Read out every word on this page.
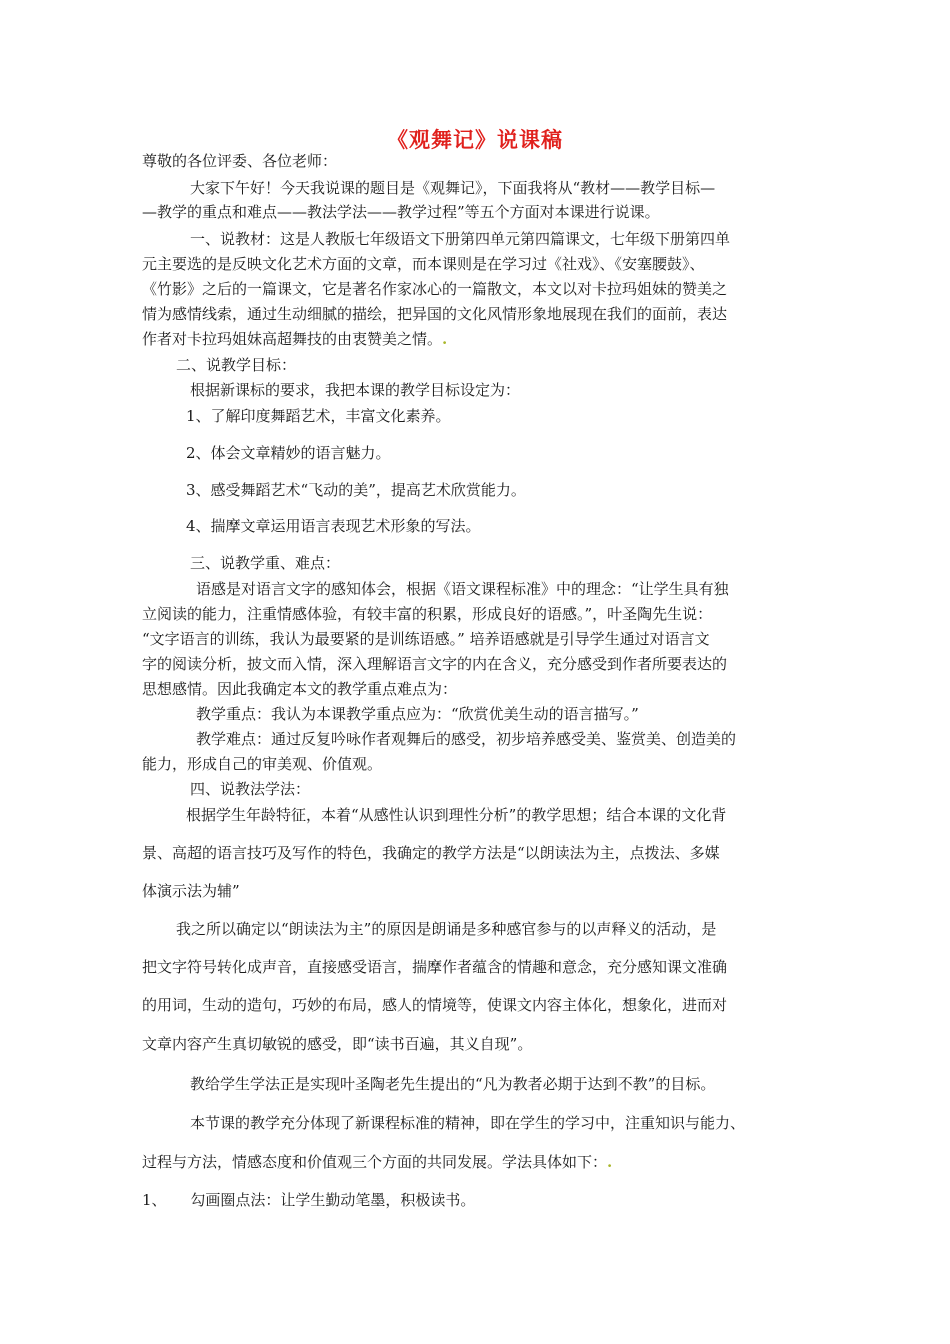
《观舞记》说课稿
尊敬的各位评委、各位老师：
大家下午好！今天我说课的题目是《观舞记》，下面我将从“教材——教学目标—
—教学的重点和难点——教法学法——教学过程”等五个方面对本课进行说课。
一、说教材：这是人教版七年级语文下册第四单元第四篇课文，七年级下册第四单
元主要选的是反映文化艺术方面的文章，而本课则是在学习过《社戏》、《安塞腰鼓》、
《竹影》之后的一篇课文，它是著名作家冰心的一篇散文，本文以对卡拉玛姐妹的赞美之
情为感情线索，通过生动细腻的描绘，把异国的文化风情形象地展现在我们的面前，表达
作者对卡拉玛姐妹高超舞技的由衷赞美之情。.
二、说教学目标：
根据新课标的要求，我把本课的教学目标设定为：
1、了解印度舞蹈艺术，丰富文化素养。
2、体会文章精妙的语言魅力。
3、感受舞蹈艺术“飞动的美”，提高艺术欣赏能力。
4、揣摩文章运用语言表现艺术形象的写法。
三、说教学重、难点：
语感是对语言文字的感知体会，根据《语文课程标准》中的理念：“让学生具有独
立阅读的能力，注重情感体验，有较丰富的积累，形成良好的语感。”，叶圣陶先生说：
“文字语言的训练，我认为最要紧的是训练语感。” 培养语感就是引导学生通过对语言文
字的阅读分析，披文而入情，深入理解语言文字的内在含义，充分感受到作者所要表达的
思想感情。因此我确定本文的教学重点难点为：
教学重点：我认为本课教学重点应为：“欣赏优美生动的语言描写。”
教学难点：通过反复吟咏作者观舞后的感受，初步培养感受美、鉴赏美、创造美的
能力，形成自己的审美观、价值观。
四、说教法学法：
根据学生年龄特征，本着“从感性认识到理性分析”的教学思想；结合本课的文化背
景、高超的语言技巧及写作的特色，我确定的教学方法是“以朗读法为主，点拨法、多媒
体演示法为辅”
我之所以确定以“朗读法为主”的原因是朗诵是多种感官参与的以声释义的活动，是
把文字符号转化成声音，直接感受语言，揣摩作者蕴含的情趣和意念，充分感知课文准确
的用词，生动的造句，巧妙的布局，感人的情境等，使课文内容主体化，想象化，进而对
文章内容产生真切敏锐的感受，即“读书百遍，其义自现”。
教给学生学法正是实现叶圣陶老先生提出的“凡为教者必期于达到不教”的目标。
本节课的教学充分体现了新课程标准的精神，即在学生的学习中，注重知识与能力、
过程与方法，情感态度和价值观三个方面的共同发展。学法具体如下：.
1、     勾画圈点法：让学生勤动笔墨，积极读书。
